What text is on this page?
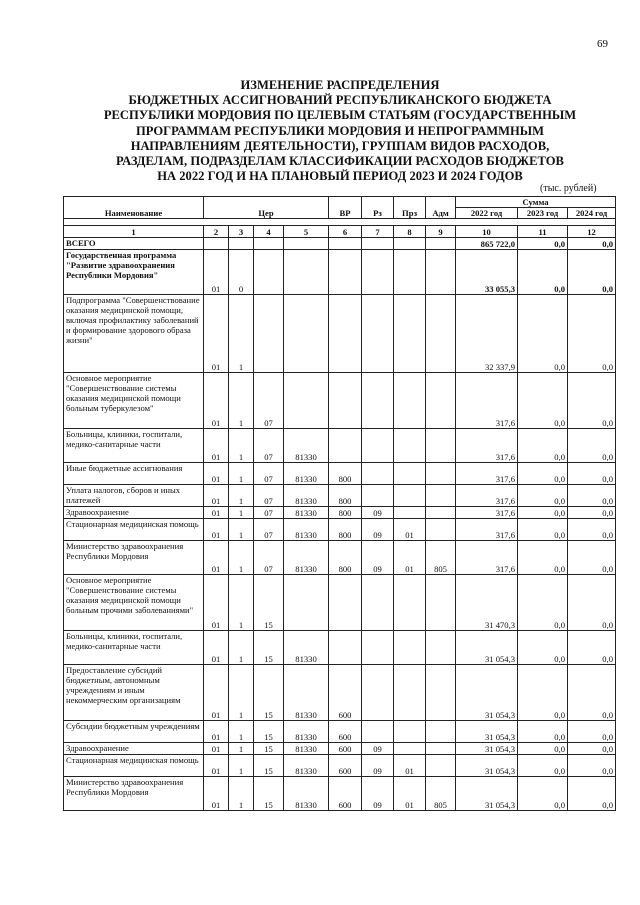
69
ИЗМЕНЕНИЕ РАСПРЕДЕЛЕНИЯ
БЮДЖЕТНЫХ АССИГНОВАНИЙ РЕСПУБЛИКАНСКОГО БЮДЖЕТА
РЕСПУБЛИКИ МОРДОВИЯ ПО ЦЕЛЕВЫМ СТАТЬЯМ (ГОСУДАРСТВЕННЫМ
ПРОГРАММАМ РЕСПУБЛИКИ МОРДОВИЯ И НЕПРОГРАММНЫМ
НАПРАВЛЕНИЯМ ДЕЯТЕЛЬНОСТИ), ГРУППАМ ВИДОВ РАСХОДОВ,
РАЗДЕЛАМ, ПОДРАЗДЕЛАМ КЛАССИФИКАЦИИ РАСХОДОВ БЮДЖЕТОВ
НА 2022 ГОД И НА ПЛАНОВЫЙ ПЕРИОД 2023 И 2024 ГОДОВ
(тыс. рублей)
Наименование	Цер				ВР	Рз	Прз	Адм	Сумма		
									2022 год	2023 год	2024 год

1	2	3	4	5	6	7	8	9	10	11	12
ВСЕГО									865 722,0	0,0	0,0
Государственная программа "Развитие здравоохранения Республики Мордовия"	01	0							33 055,3	0,0	0,0
Подпрограмма "Совершенствование оказания медицинской помощи, включая профилактику заболеваний и формирование здорового образа жизни"	01	1							32 337,9	0,0	0,0
Основное мероприятие "Совершенствование системы оказания медицинской помощи больным туберкулезом"	01	1	07						317,6	0,0	0,0
Больницы, клиники, госпитали, медико-санитарные части	01	1	07	81330					317,6	0,0	0,0
Иные бюджетные ассигнования	01	1	07	81330	800				317,6	0,0	0,0
Уплата налогов, сборов и иных платежей	01	1	07	81330	800				317,6	0,0	0,0
Здравоохранение	01	1	07	81330	800	09			317,6	0,0	0,0
Стационарная медицинская помощь	01	1	07	81330	800	09	01		317,6	0,0	0,0
Министерство здравоохранения Республики Мордовия	01	1	07	81330	800	09	01	805	317,6	0,0	0,0
Основное мероприятие "Совершенствование системы оказания медицинской помощи больным прочими заболеваниями"	01	1	15						31 470,3	0,0	0,0
Больницы, клиники, госпитали, медико-санитарные части	01	1	15	81330					31 054,3	0,0	0,0
Предоставление субсидий бюджетным, автономным учреждениям и иным некоммерческим организациям	01	1	15	81330	600				31 054,3	0,0	0,0
Субсидии бюджетным учреждениям	01	1	15	81330	600				31 054,3	0,0	0,0
Здравоохранение	01	1	15	81330	600	09			31 054,3	0,0	0,0
Стационарная медицинская помощь	01	1	15	81330	600	09	01		31 054,3	0,0	0,0
Министерство здравоохранения Республики Мордовия	01	1	15	81330	600	09	01	805	31 054,3	0,0	0,0
